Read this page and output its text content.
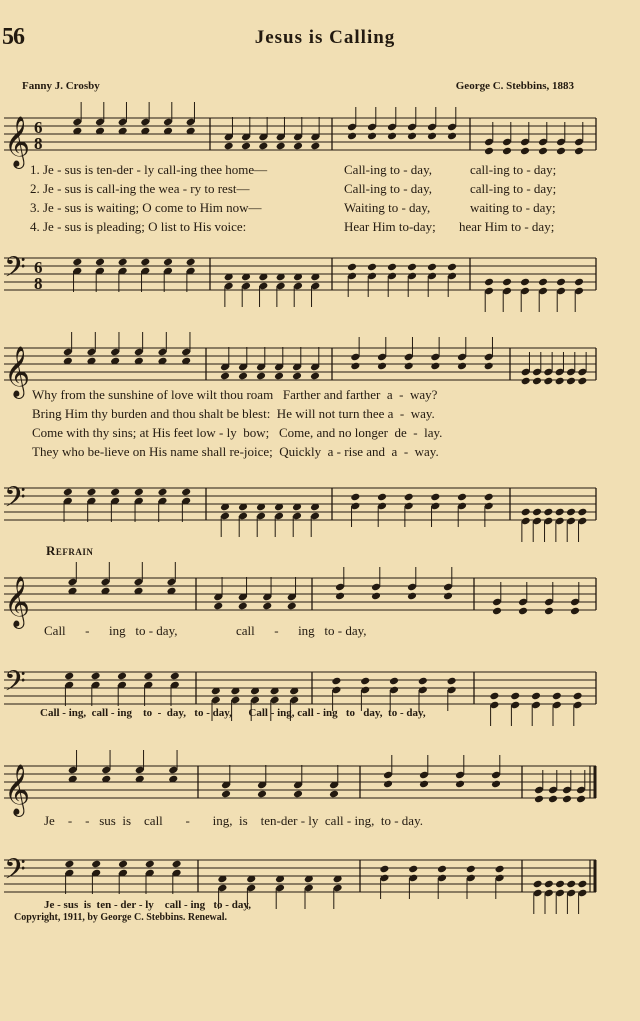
56	Jesus is Calling
Fanny J. Crosby	George C. Stebbins, 1883
𝄞 6
8
𝄢 6
8
𝄞
𝄢
𝄞
𝄢
𝄞
𝄢
1. Je - sus is ten-der - ly call-ing thee home—	Call-ing to - day,	call-ing to - day;
2. Je - sus is call-ing the wea - ry to rest—	Call-ing to - day,	call-ing to - day;
3. Je - sus is waiting; O come to Him now—	Waiting to - day,	waiting to - day;
4. Je - sus is pleading; O list to His voice:	Hear Him to-day; hear Him to - day;
Why from the sunshine of love wilt thou roam   Farther and farther  a  -  way?
Bring Him thy burden and thou shalt be blest:  He will not turn thee a  -  way.
Come with thy sins; at His feet low - ly  bow;   Come, and no longer  de  -  lay.
They who be-lieve on His name shall re-joice;  Quickly  a - rise and  a  -  way.
Refrain
Call      -      ing   to - day,                  call      -      ing   to - day,
Call - ing,  call - ing    to  -  day,   to - day,      Call - ing, call - ing   to   day,  to - day,
Je    -    -   sus  is    call       -       ing,  is    ten-der - ly  call - ing,  to - day.
Je - sus  is  ten - der - ly    call - ing   to - day,
Copyright, 1911, by George C. Stebbins. Renewal.
